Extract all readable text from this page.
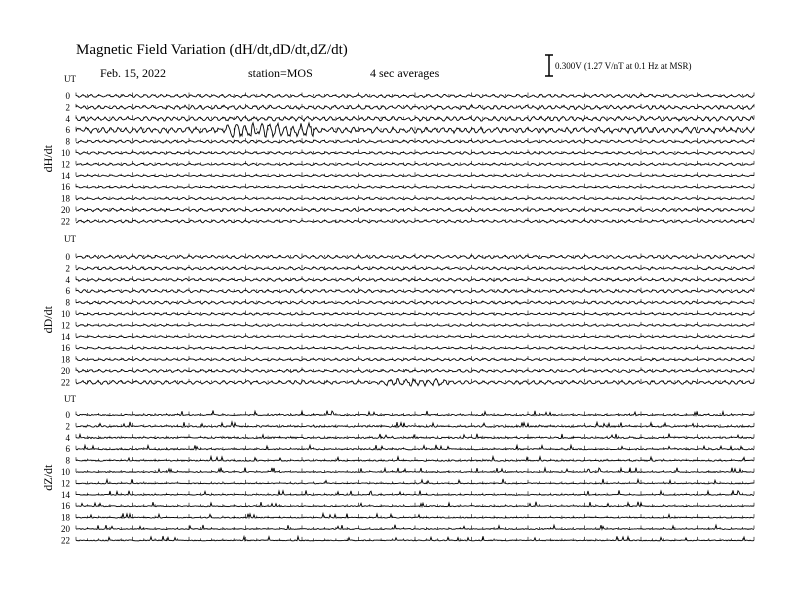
Magnetic Field Variation (dH/dt,dD/dt,dZ/dt)
Feb. 15, 2022	station=MOS	4 sec averages	0.300V (1.27 V/nT at 0.1 Hz at MSR)
UT
dH/dt
0
2
4
6
8
10
12
14
16
18
20
22
UT
dD/dt
0
2
4
6
8
10
12
14
16
18
20
22
UT
dZ/dt
0
2
4
6
8
10
12
14
16
18
20
22
